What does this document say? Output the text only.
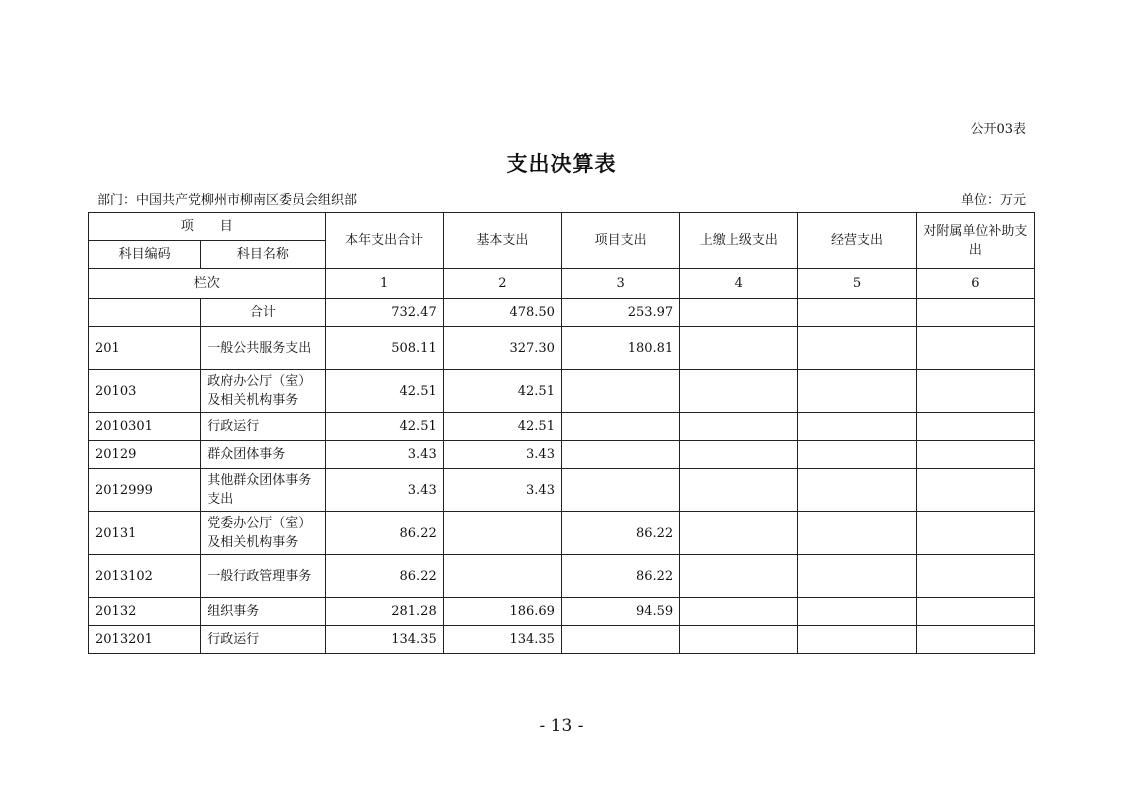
公开03表
支出决算表
部门：中国共产党柳州市柳南区委员会组织部	单位：万元
项　　目		本年支出合计	基本支出	项目支出	上缴上级支出	经营支出	对附属单位补助支出
科目编码	科目名称						
栏次		1	2	3	4	5	6
	合计	732.47	478.50	253.97			
201	一般公共服务支出	508.11	327.30	180.81			
20103	政府办公厅（室）及相关机构事务	42.51	42.51				
2010301	行政运行	42.51	42.51				
20129	群众团体事务	3.43	3.43				
2012999	其他群众团体事务支出	3.43	3.43				
20131	党委办公厅（室）及相关机构事务	86.22		86.22			
2013102	一般行政管理事务	86.22		86.22			
20132	组织事务	281.28	186.69	94.59			
2013201	行政运行	134.35	134.35				
- 13 -
